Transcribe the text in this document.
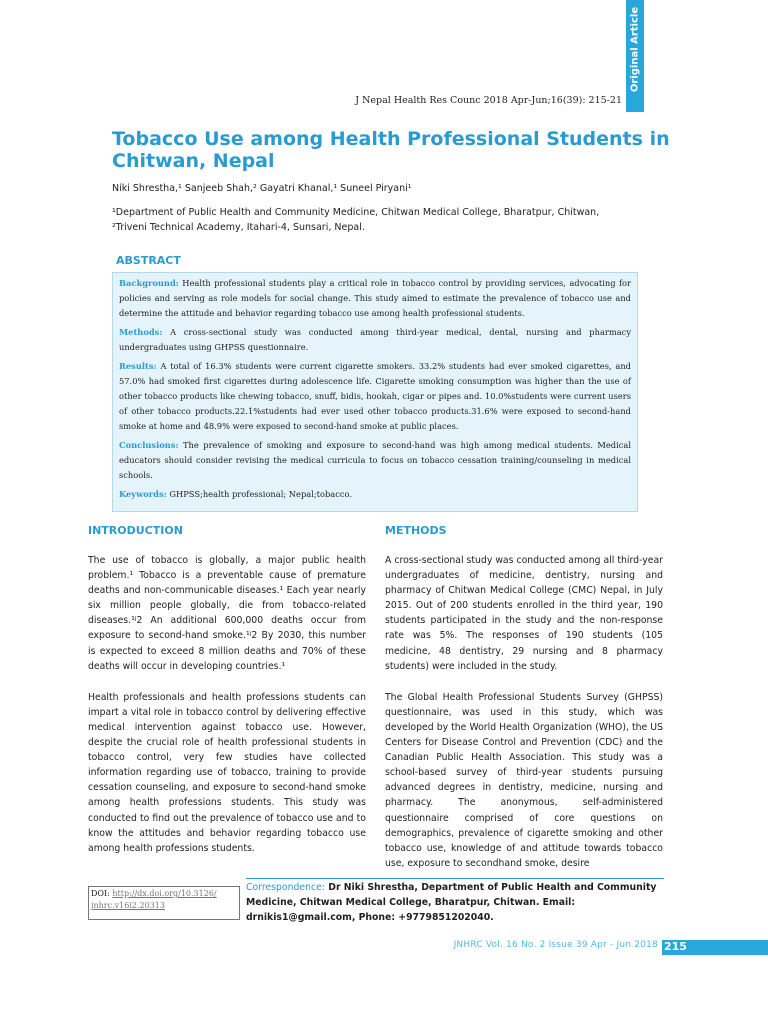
Original Article
J Nepal Health Res Counc 2018 Apr-Jun;16(39): 215-21
Tobacco Use among Health Professional Students in Chitwan, Nepal
Niki Shrestha,¹ Sanjeeb Shah,² Gayatri Khanal,¹ Suneel Piryani¹
¹Department of Public Health and Community Medicine, Chitwan Medical College, Bharatpur, Chitwan,
²Triveni Technical Academy, Itahari-4, Sunsari, Nepal.
ABSTRACT

Background: Health professional students play a critical role in tobacco control by providing services, advocating for policies and serving as role models for social change. This study aimed to estimate the prevalence of tobacco use and determine the attitude and behavior regarding tobacco use among health professional students.

Methods: A cross-sectional study was conducted among third-year medical, dental, nursing and pharmacy undergraduates using GHPSS questionnaire.

Results: A total of 16.3% students were current cigarette smokers. 33.2% students had ever smoked cigarettes, and 57.0% had smoked first cigarettes during adolescence life. Cigarette smoking consumption was higher than the use of other tobacco products like chewing tobacco, snuff, bidis, hookah, cigar or pipes and. 10.0%students were current users of other tobacco products.22.1%students had ever used other tobacco products.31.6% were exposed to second-hand smoke at home and 48.9% were exposed to second-hand smoke at public places.

Conclusions: The prevalence of smoking and exposure to second-hand was high among medical students. Medical educators should consider revising the medical curricula to focus on tobacco cessation training/counseling in medical schools.

Keywords: GHPSS;health professional; Nepal;tobacco.

INTRODUCTION

The use of tobacco is globally, a major public health problem.¹ Tobacco is a preventable cause of premature deaths and non-communicable diseases.¹ Each year nearly six million people globally, die from tobacco-related diseases.¹ʲ2 An additional 600,000 deaths occur from exposure to second-hand smoke.¹ʲ2 By 2030, this number is expected to exceed 8 million deaths and 70% of these deaths will occur in developing countries.¹

Health professionals and health professions students can impart a vital role in tobacco control by delivering effective medical intervention against tobacco use. However, despite the crucial role of health professional students in tobacco control, very few studies have collected information regarding use of tobacco, training to provide cessation counseling, and exposure to second-hand smoke among health professions students. This study was conducted to find out the prevalence of tobacco use and to know the attitudes and behavior regarding tobacco use among health professions students.

METHODS

A cross-sectional study was conducted among all third-year undergraduates of medicine, dentistry, nursing and pharmacy of Chitwan Medical College (CMC) Nepal, in July 2015. Out of 200 students enrolled in the third year, 190 students participated in the study and the non-response rate was 5%. The responses of 190 students (105 medicine, 48 dentistry, 29 nursing and 8 pharmacy students) were included in the study.

The Global Health Professional Students Survey (GHPSS) questionnaire, was used in this study, which was developed by the World Health Organization (WHO), the US Centers for Disease Control and Prevention (CDC) and the Canadian Public Health Association. This study was a school-based survey of third-year students pursuing advanced degrees in dentistry, medicine, nursing and pharmacy. The anonymous, self-administered questionnaire comprised of core questions on demographics, prevalence of cigarette smoking and other tobacco use, knowledge of and attitude towards tobacco use, exposure to secondhand smoke, desire

DOI: http://dx.doi.org/10.3126/ jnhrc.v16i2.20313
Correspondence: Dr Niki Shrestha, Department of Public Health and Community Medicine, Chitwan Medical College, Bharatpur, Chitwan. Email: drnikis1@gmail.com, Phone: +9779851202040.
JNHRC Vol. 16 No. 2 Issue 39 Apr - Jun 2018 215
